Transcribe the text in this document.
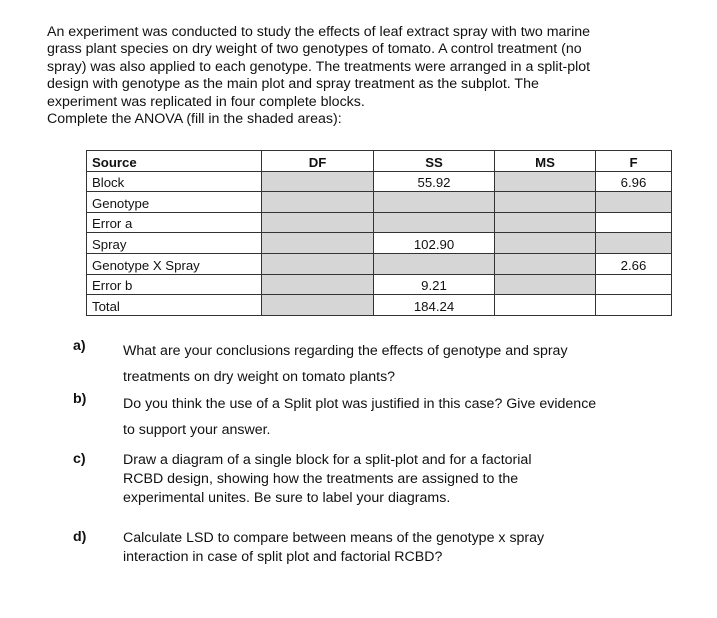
An experiment was conducted to study the effects of leaf extract spray with two marine

grass plant species on dry weight of two genotypes of tomato. A control treatment (no

spray) was also applied to each genotype. The treatments were arranged in a split-plot

design with genotype as the main plot and spray treatment as the subplot. The

experiment was replicated in four complete blocks.

Complete the ANOVA (fill in the shaded areas):

Source	DF	SS	MS	F
Block		55.92		6.96
Genotype				
Error a				
Spray		102.90		
Genotype X Spray				2.66
Error b		9.21		
Total		184.24		
a)	What are your conclusions regarding the effects of genotype and spray
treatments on dry weight on tomato plants?
b)	Do you think the use of a Split plot was justified in this case? Give evidence
to support your answer.
c)	Draw a diagram of a single block for a split-plot and for a factorial
RCBD design, showing how the treatments are assigned to the
experimental unites. Be sure to label your diagrams.
d)	Calculate LSD to compare between means of the genotype x spray
interaction in case of split plot and factorial RCBD?
